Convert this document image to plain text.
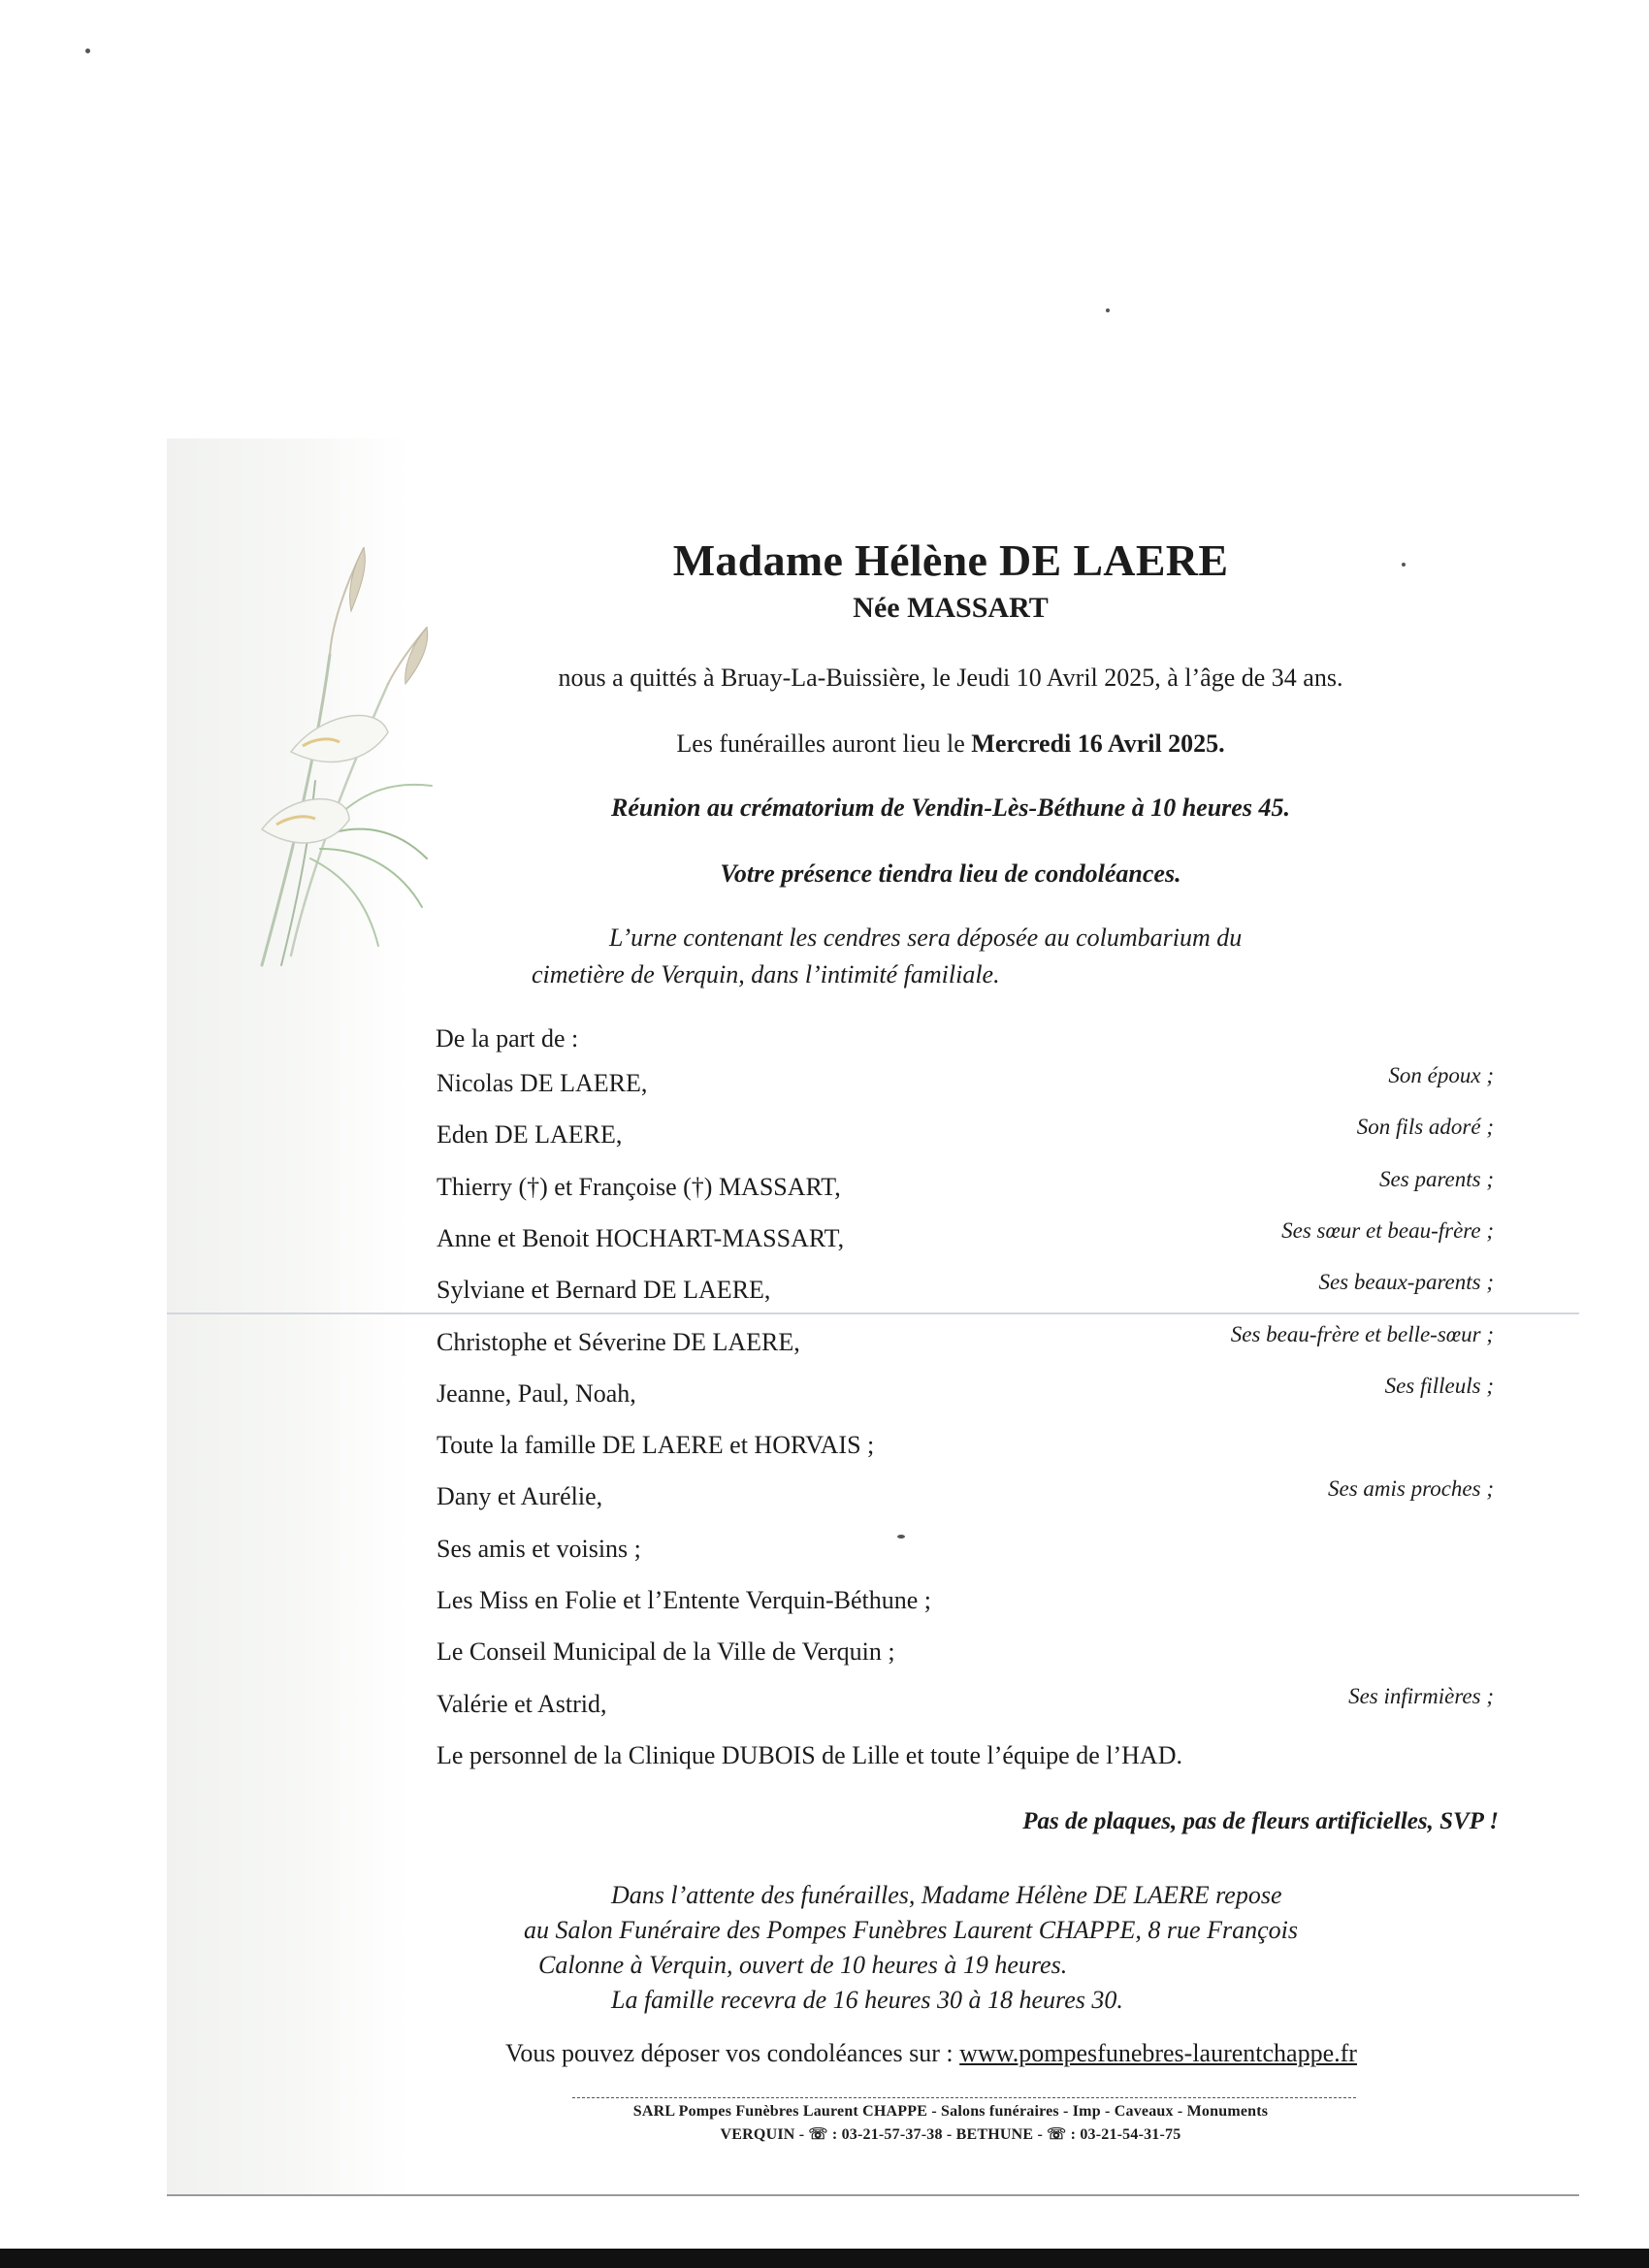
Madame Hélène DE LAERE
Née MASSART
nous a quittés à Bruay-La-Buissière, le Jeudi 10 Avril 2025, à l’âge de 34 ans.
Les funérailles auront lieu le Mercredi 16 Avril 2025.
Réunion au crématorium de Vendin-Lès-Béthune à 10 heures 45.
Votre présence tiendra lieu de condoléances.
L’urne contenant les cendres sera déposée au columbarium du
cimetière de Verquin, dans l’intimité familiale.
De la part de :
Nicolas DE LAERE,	Son époux ;
Eden DE LAERE,	Son fils adoré ;
Thierry (†) et Françoise (†) MASSART,	Ses parents ;
Anne et Benoit HOCHART-MASSART,	Ses sœur et beau-frère ;
Sylviane et Bernard DE LAERE,	Ses beaux-parents ;
Christophe et Séverine DE LAERE,	Ses beau-frère et belle-sœur ;
Jeanne, Paul, Noah,	Ses filleuls ;
Toute la famille DE LAERE et HORVAIS ;
Dany et Aurélie,	Ses amis proches ;
Ses amis et voisins ;
Les Miss en Folie et l’Entente Verquin-Béthune ;
Le Conseil Municipal de la Ville de Verquin ;
Valérie et Astrid,	Ses infirmières ;
Le personnel de la Clinique DUBOIS de Lille et toute l’équipe de l’HAD.
Pas de plaques, pas de fleurs artificielles, SVP !
Dans l’attente des funérailles, Madame Hélène DE LAERE repose
au Salon Funéraire des Pompes Funèbres Laurent CHAPPE, 8 rue François
Calonne à Verquin, ouvert de 10 heures à 19 heures.
La famille recevra de 16 heures 30 à 18 heures 30.
Vous pouvez déposer vos condoléances sur : www.pompesfunebres-laurentchappe.fr
SARL Pompes Funèbres Laurent CHAPPE - Salons funéraires - Imp - Caveaux - Monuments
VERQUIN - ☏ : 03-21-57-37-38 - BETHUNE - ☏ : 03-21-54-31-75
